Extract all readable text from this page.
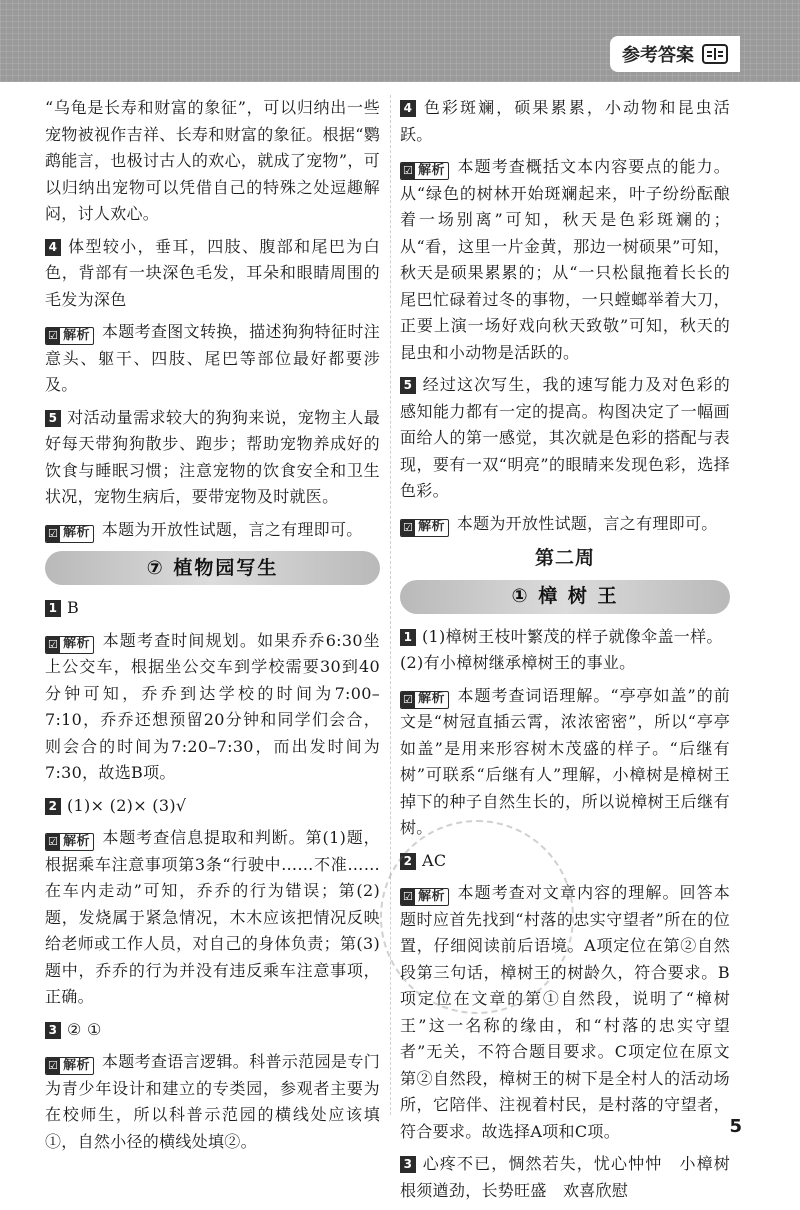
参考答案

“乌龟是长寿和财富的象征”，可以归纳出一些宠物被视作吉祥、长寿和财富的象征。根据“鹦鹉能言，也极讨古人的欢心，就成了宠物”，可以归纳出宠物可以凭借自己的特殊之处逗趣解闷，讨人欢心。

4 体型较小，垂耳，四肢、腹部和尾巴为白色，背部有一块深色毛发，耳朵和眼睛周围的毛发为深色

☑ 解析 本题考查图文转换，描述狗狗特征时注意头、躯干、四肢、尾巴等部位最好都要涉及。

5 对活动量需求较大的狗狗来说，宠物主人最好每天带狗狗散步、跑步；帮助宠物养成好的饮食与睡眠习惯；注意宠物的饮食安全和卫生状况，宠物生病后，要带宠物及时就医。

☑ 解析 本题为开放性试题，言之有理即可。

⑦ 植物园写生

1 B

☑ 解析 本题考查时间规划。如果乔乔6:30坐上公交车，根据坐公交车到学校需要30到40分钟可知，乔乔到达学校的时间为7:00–7:10，乔乔还想预留20分钟和同学们会合，则会合的时间为7:20–7:30，而出发时间为7:30，故选B项。

2 (1)× (2)× (3)√

☑ 解析 本题考查信息提取和判断。第(1)题，根据乘车注意事项第3条“行驶中……不准……在车内走动”可知，乔乔的行为错误；第(2)题，发烧属于紧急情况，木木应该把情况反映给老师或工作人员，对自己的身体负责；第(3)题中，乔乔的行为并没有违反乘车注意事项，正确。

3 ② ①

☑ 解析 本题考查语言逻辑。科普示范园是专门为青少年设计和建立的专类园，参观者主要为在校师生，所以科普示范园的横线处应该填①，自然小径的横线处填②。

4 色彩斑斓，硕果累累，小动物和昆虫活跃。

☑ 解析 本题考查概括文本内容要点的能力。从“绿色的树林开始斑斓起来，叶子纷纷酝酿着一场别离”可知，秋天是色彩斑斓的；从“看，这里一片金黄，那边一树硕果”可知，秋天是硕果累累的；从“一只松鼠拖着长长的尾巴忙碌着过冬的事物，一只螳螂举着大刀，正要上演一场好戏向秋天致敬”可知，秋天的昆虫和小动物是活跃的。

5 经过这次写生，我的速写能力及对色彩的感知能力都有一定的提高。构图决定了一幅画面给人的第一感觉，其次就是色彩的搭配与表现，要有一双“明亮”的眼睛来发现色彩，选择色彩。

☑ 解析 本题为开放性试题，言之有理即可。

第二周
① 樟 树 王

1 (1)樟树王枝叶繁茂的样子就像伞盖一样。

(2)有小樟树继承樟树王的事业。

☑ 解析 本题考查词语理解。“亭亭如盖”的前文是“树冠直插云霄，浓浓密密”，所以“亭亭如盖”是用来形容树木茂盛的样子。“后继有树”可联系“后继有人”理解，小樟树是樟树王掉下的种子自然生长的，所以说樟树王后继有树。

2 AC

☑ 解析 本题考查对文章内容的理解。回答本题时应首先找到“村落的忠实守望者”所在的位置，仔细阅读前后语境。A项定位在第②自然段第三句话，樟树王的树龄久，符合要求。B项定位在文章的第①自然段，说明了“樟树王”这一名称的缘由，和“村落的忠实守望者”无关，不符合题目要求。C项定位在原文第②自然段，樟树王的树下是全村人的活动场所，它陪伴、注视着村民，是村落的守望者，符合要求。故选择A项和C项。

3 心疼不已，惆然若失，忧心忡忡　小樟树根须遒劲，长势旺盛　欢喜欣慰

5
